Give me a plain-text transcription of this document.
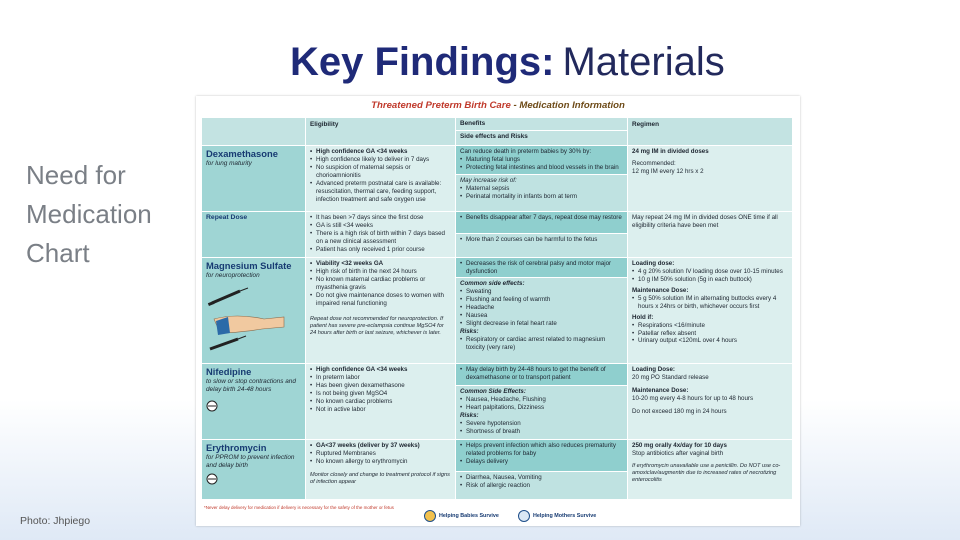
Key Findings: Materials
Need for
Medication
Chart
Photo: Jhpiego
Threatened Preterm Birth Care - Medication Information
Eligibility	Benefits
Side effects and Risks
Regimen
Dexamethasone
for lung maturity
• High confidence GA <34 weeks
• High confidence likely to deliver in 7 days
• No suspicion of maternal sepsis or chorioamnionitis
• Advanced preterm postnatal care is available: resuscitation, thermal care, feeding support, infection treatment and safe oxygen use
Can reduce death in preterm babies by 30% by:
• Maturing fetal lungs
• Protecting fetal intestines and blood vessels in the brain
May increase risk of:
• Maternal sepsis
• Perinatal mortality in infants born at term
24 mg IM in divided doses
Recommended:
12 mg IM every 12 hrs x 2
Repeat Dose
•	It has been >7 days since the first dose
• GA is still <34 weeks
• There is a high risk of birth within 7 days based on a new clinical assessment
• Patient has only received 1 prior course
• Benefits disappear after 7 days, repeat dose may restore
• More than 2 courses can be harmful to the fetus
May repeat 24 mg IM in divided doses ONE time if all eligibility criteria have been met
Magnesium Sulfate
for neuroprotection
• Viability <32 weeks GA
• High risk of birth in the next 24 hours
• No known maternal cardiac problems or myasthenia gravis
• Do not give maintenance doses to women with impaired renal functioning
Repeat dose not recommended for neuroprotection. If patient has severe pre-eclampsia continue MgSO4 for 24 hours after birth or last seizure, whichever is later.
• Decreases the risk of cerebral palsy and motor major dysfunction
Common side effects:
• Sweating
• Flushing and feeling of warmth
• Headache
• Nausea
• Slight decrease in fetal heart rate
Risks:
• Respiratory or cardiac arrest related to magnesium toxicity (very rare)
Loading dose:
• 4 g 20% solution IV loading dose over 10-15 minutes
• 10 g IM 50% solution (5g in each buttock)
Maintenance Dose:
• 5 g 50% solution IM in alternating buttocks every 4 hours x 24hrs or birth, whichever occurs first
Hold if:
• Respirations <16/minute
• Patellar reflex absent
• Urinary output <120mL over 4 hours
Nifedipine
to slow or stop contractions and delay birth 24-48 hours
• High confidence GA <34 weeks
• In preterm labor
• Has been given dexamethasone
• Is not being given MgSO4
• No known cardiac problems
• Not in active labor
• May delay birth by 24-48 hours to get the benefit of dexamethasone or to transport patient
Common Side Effects:
• Nausea, Headache, Flushing
• Heart palpitations, Dizziness
Risks:
• Severe hypotension
• Shortness of breath
Loading Dose:
20 mg PO Standard release
Maintenance Dose:
10-20 mg every 4-8 hours for up to 48 hours
Do not exceed 180 mg in 24 hours
Erythromycin
for PPROM to prevent infection and delay birth
• GA<37 weeks (deliver by 37 weeks)
• Ruptured Membranes
• No known allergy to erythromycin
Monitor closely and change to treatment protocol if signs of infection appear
• Helps prevent infection which also reduces prematurity related problems for baby
• Delays delivery
• Diarrhea, Nausea, Vomiting
• Risk of allergic reaction
250 mg orally 4x/day for 10 days
Stop antibiotics after vaginal birth
If erythromycin unavailable use a penicillin. Do NOT use co-amoxiclav/augmentin due to increased rates of necrotizing enterocolitis
*Never delay delivery for medication if delivery is necessary for the safety of the mother or fetus
Helping Babies Survive	Helping Mothers Survive
